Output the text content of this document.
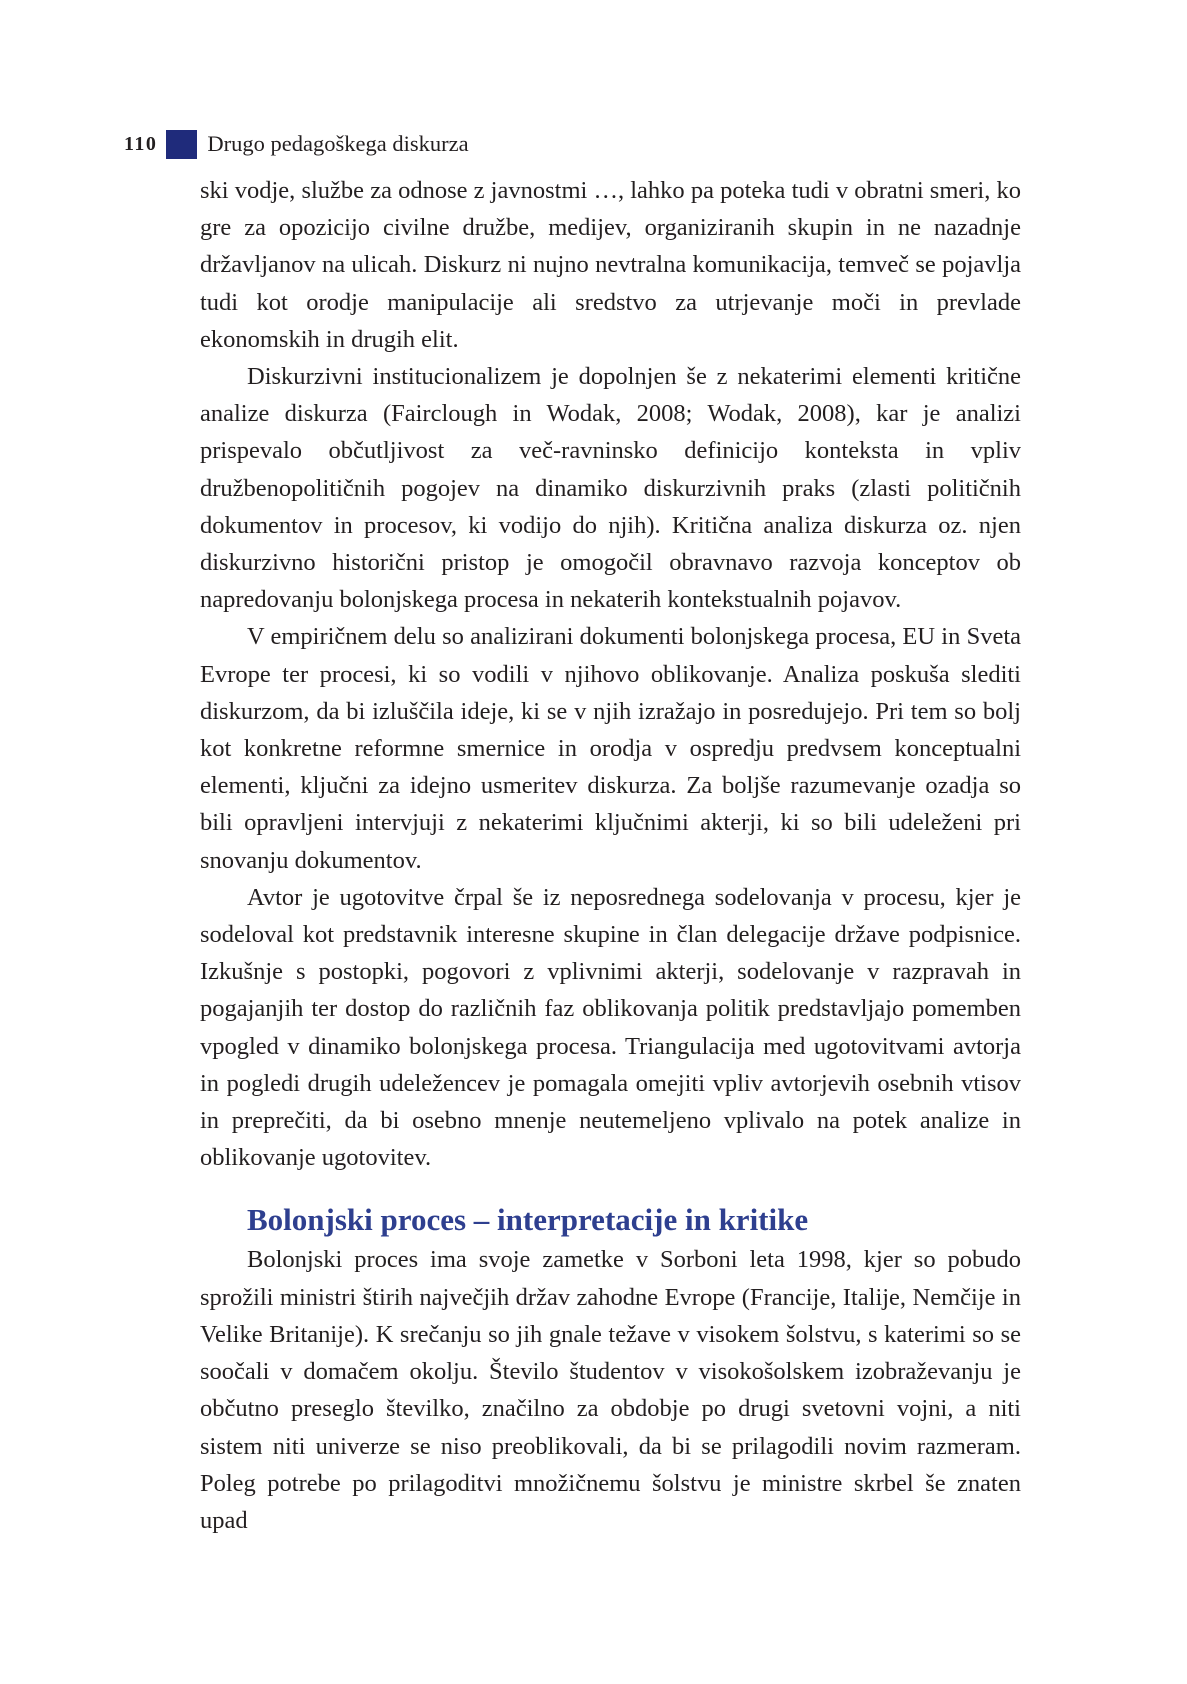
110 Drugo pedagoškega diskurza

ski vodje, službe za odnose z javnostmi …, lahko pa poteka tudi v obratni smeri, ko gre za opozicijo civilne družbe, medijev, organiziranih skupin in ne nazadnje državljanov na ulicah. Diskurz ni nujno nevtralna komunikacija, temveč se pojavlja tudi kot orodje manipulacije ali sredstvo za utrjevanje moči in prevlade ekonomskih in drugih elit.

Diskurzivni institucionalizem je dopolnjen še z nekaterimi elementi kritične analize diskurza (Fairclough in Wodak, 2008; Wodak, 2008), kar je analizi prispevalo občutljivost za več-ravninsko definicijo konteksta in vpliv družbenopolitičnih pogojev na dinamiko diskurzivnih praks (zlasti političnih dokumentov in procesov, ki vodijo do njih). Kritična analiza diskurza oz. njen diskurzivno historični pristop je omogočil obravnavo razvoja konceptov ob napredovanju bolonjskega procesa in nekaterih kontekstualnih pojavov.

V empiričnem delu so analizirani dokumenti bolonjskega procesa, EU in Sveta Evrope ter procesi, ki so vodili v njihovo oblikovanje. Analiza poskuša slediti diskurzom, da bi izluščila ideje, ki se v njih izražajo in posredujejo. Pri tem so bolj kot konkretne reformne smernice in orodja v ospredju predvsem konceptualni elementi, ključni za idejno usmeritev diskurza. Za boljše razumevanje ozadja so bili opravljeni intervjuji z nekaterimi ključnimi akterji, ki so bili udeleženi pri snovanju dokumentov.

Avtor je ugotovitve črpal še iz neposrednega sodelovanja v procesu, kjer je sodeloval kot predstavnik interesne skupine in član delegacije države podpisnice. Izkušnje s postopki, pogovori z vplivnimi akterji, sodelovanje v razpravah in pogajanjih ter dostop do različnih faz oblikovanja politik predstavljajo pomemben vpogled v dinamiko bolonjskega procesa. Triangulacija med ugotovitvami avtorja in pogledi drugih udeležencev je pomagala omejiti vpliv avtorjevih osebnih vtisov in preprečiti, da bi osebno mnenje neutemeljeno vplivalo na potek analize in oblikovanje ugotovitev.

Bolonjski proces – interpretacije in kritike

Bolonjski proces ima svoje zametke v Sorboni leta 1998, kjer so pobudo sprožili ministri štirih največjih držav zahodne Evrope (Francije, Italije, Nemčije in Velike Britanije). K srečanju so jih gnale težave v visokem šolstvu, s katerimi so se soočali v domačem okolju. Število študentov v visokošolskem izobraževanju je občutno preseglo številko, značilno za obdobje po drugi svetovni vojni, a niti sistem niti univerze se niso preoblikovali, da bi se prilagodili novim razmeram. Poleg potrebe po prilagoditvi množičnemu šolstvu je ministre skrbel še znaten upad
